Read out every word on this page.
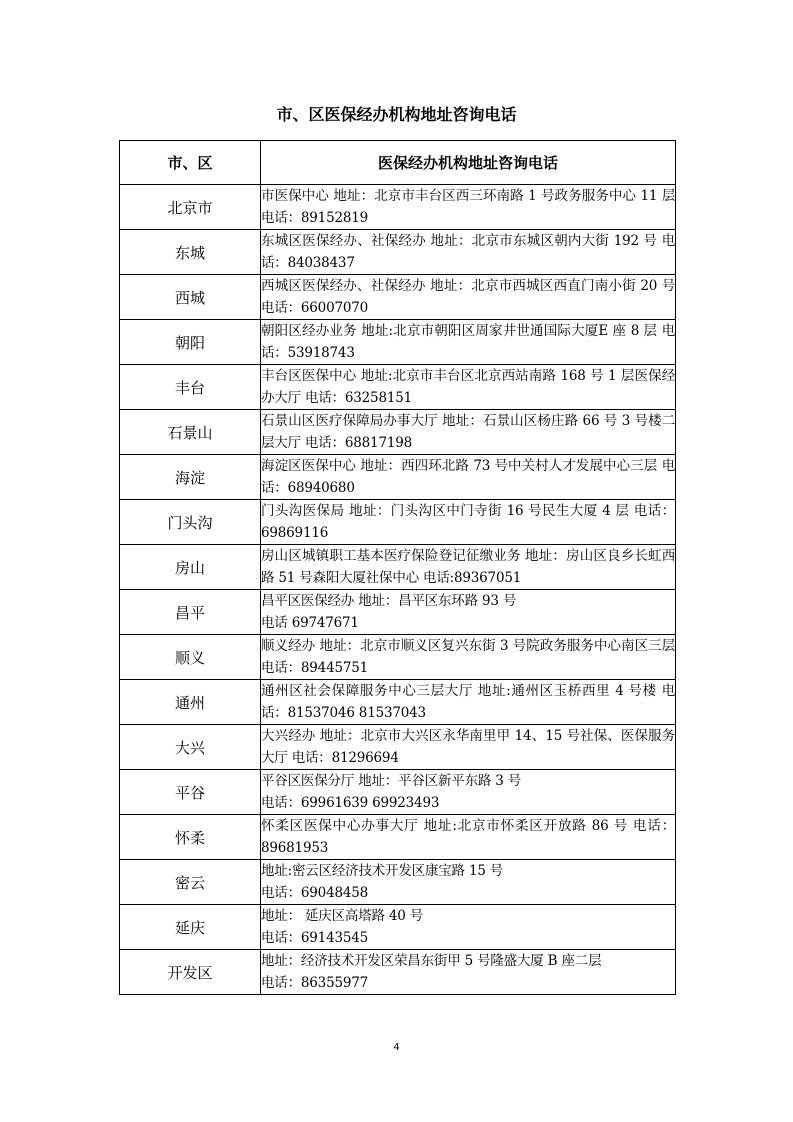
市、区医保经办机构地址咨询电话
市、区	医保经办机构地址咨询电话
北京市	市医保中心 地址：北京市丰台区西三环南路 1 号政务服务中心 11 层 电话：89152819
东城	东城区医保经办、社保经办 地址：北京市东城区朝内大街 192 号 电话：84038437
西城	西城区医保经办、社保经办 地址：北京市西城区西直门南小街 20 号 电话：66007070
朝阳	朝阳区经办业务 地址:北京市朝阳区周家井世通国际大厦E 座 8 层 电话：53918743
丰台	丰台区医保中心 地址:北京市丰台区北京西站南路 168 号 1 层医保经办大厅 电话：63258151
石景山	石景山区医疗保障局办事大厅 地址：石景山区杨庄路 66 号 3 号楼二层大厅 电话：68817198
海淀	海淀区医保中心 地址：西四环北路 73 号中关村人才发展中心三层 电话：68940680
门头沟	门头沟医保局 地址：门头沟区中门寺街 16 号民生大厦 4 层 电话：69869116
房山	房山区城镇职工基本医疗保险登记征缴业务 地址：房山区良乡长虹西路 51 号森阳大厦社保中心 电话:89367051
昌平	昌平区医保经办 地址：昌平区东环路 93 号
电话 69747671
顺义	顺义经办 地址：北京市顺义区复兴东街 3 号院政务服务中心南区三层 电话：89445751
通州	通州区社会保障服务中心三层大厅 地址:通州区玉桥西里 4 号楼 电话：81537046 81537043
大兴	大兴经办 地址：北京市大兴区永华南里甲 14、15 号社保、医保服务大厅 电话：81296694
平谷	平谷区医保分厅 地址：平谷区新平东路 3 号
电话：69961639 69923493
怀柔	怀柔区医保中心办事大厅 地址:北京市怀柔区开放路 86 号 电话：89681953
密云	地址:密云区经济技术开发区康宝路 15 号
电话：69048458
延庆	地址： 延庆区高塔路 40 号
电话：69143545
开发区	地址：经济技术开发区荣昌东街甲 5 号隆盛大厦 B 座二层
电话：86355977
4
